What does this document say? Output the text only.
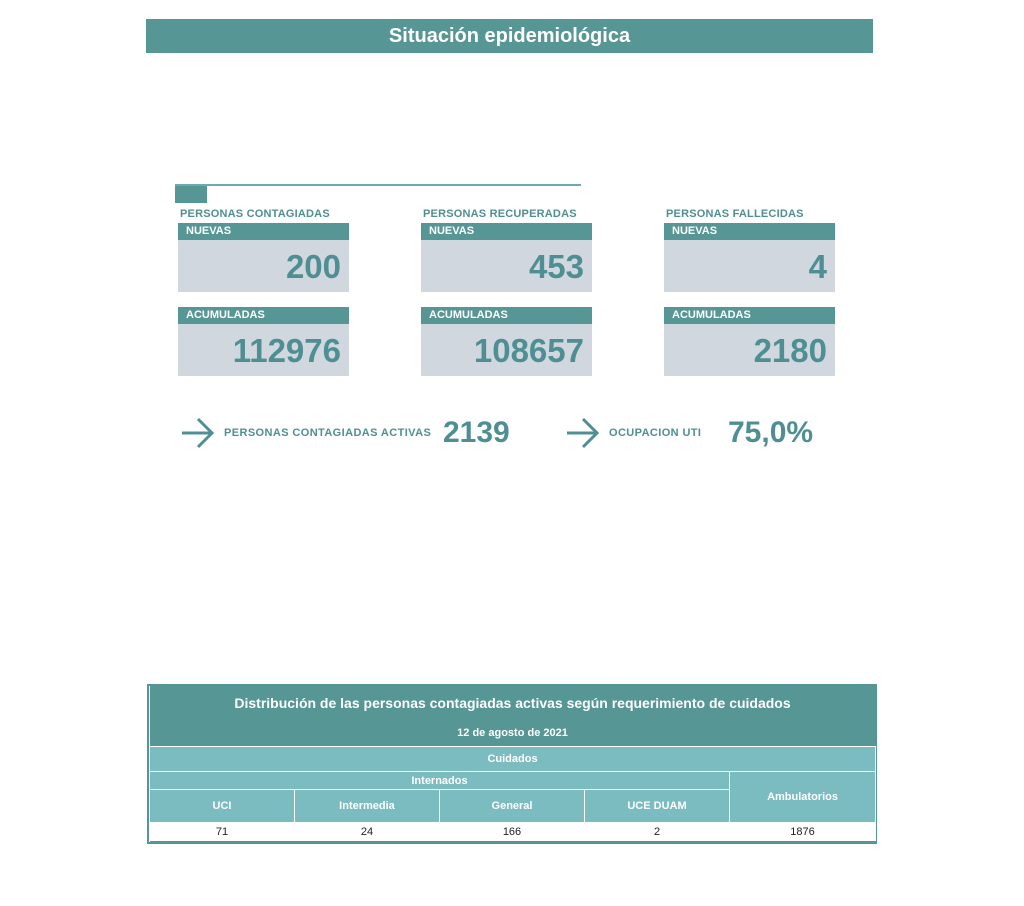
Situación epidemiológica
PERSONAS CONTAGIADAS
NUEVAS
200
ACUMULADAS
112976
PERSONAS RECUPERADAS
NUEVAS
453
ACUMULADAS
108657
PERSONAS FALLECIDAS
NUEVAS
4
ACUMULADAS
2180
PERSONAS CONTAGIADAS ACTIVAS 2139	OCUPACION UTI 75,0%
Distribución de las personas contagiadas activas según requerimiento de cuidados				
12 de agosto de 2021				
Cuidados				
Internados				Ambulatorios
UCI	Intermedia	General	UCE DUAM	
71	24	166	2	1876
